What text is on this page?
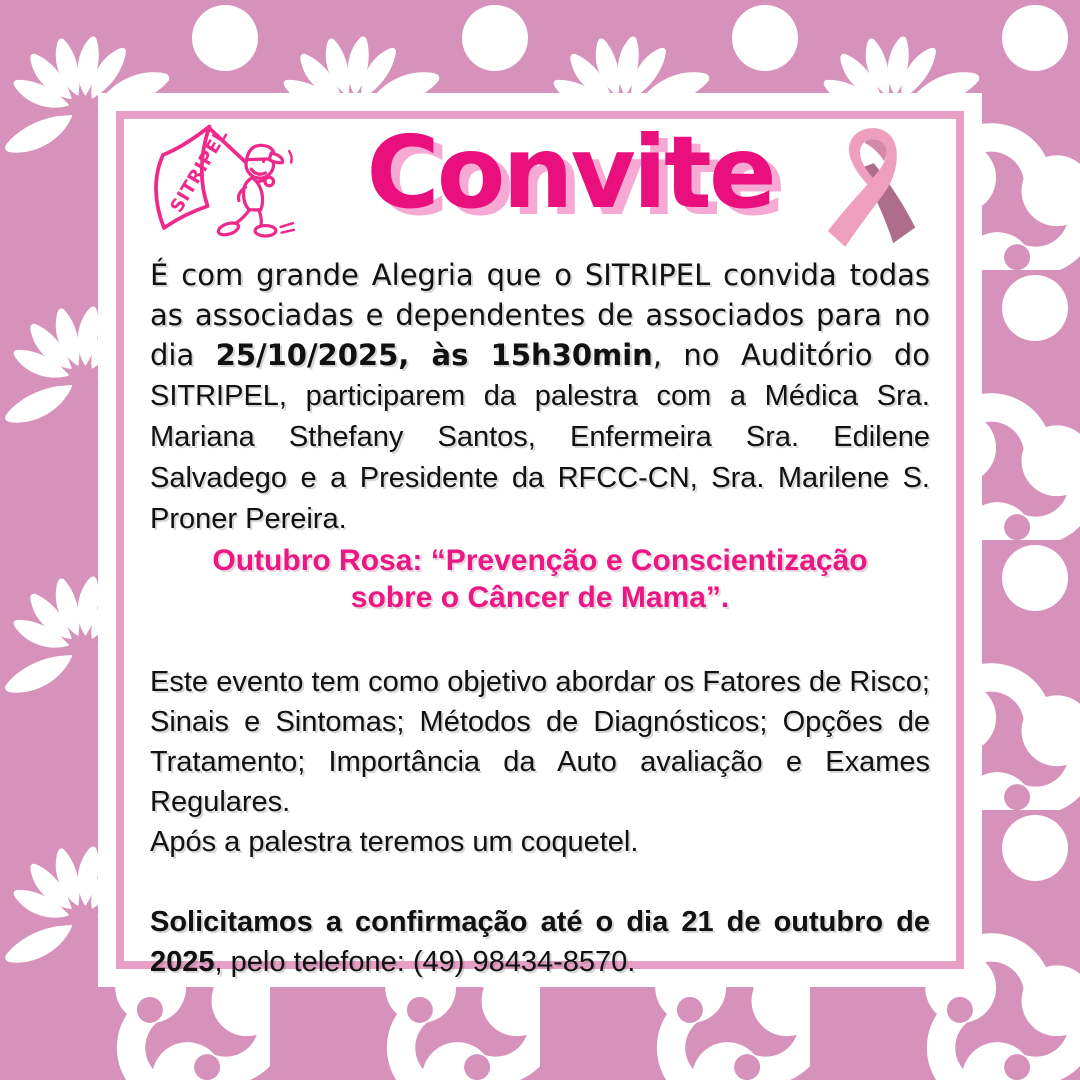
SITRIPEL Convite

É com grande Alegria que o SITRIPEL convida todas as associadas e dependentes de associados para no dia 25/10/2025, às 15h30min, no Auditório do SITRIPEL, participarem da palestra com a Médica Sra. Mariana Sthefany Santos, Enfermeira Sra. Edilene Salvadego e a Presidente da RFCC-CN, Sra. Marilene S. Proner Pereira.

Outubro Rosa: “Prevenção e Conscientização
sobre o Câncer de Mama”.

Este evento tem como objetivo abordar os Fatores de Risco; Sinais e Sintomas; Métodos de Diagnósticos; Opções de Tratamento; Importância da Auto avaliação e Exames Regulares.

Após a palestra teremos um coquetel.

Solicitamos a confirmação até o dia 21 de outubro de 2025, pelo telefone: (49) 98434-8570.
